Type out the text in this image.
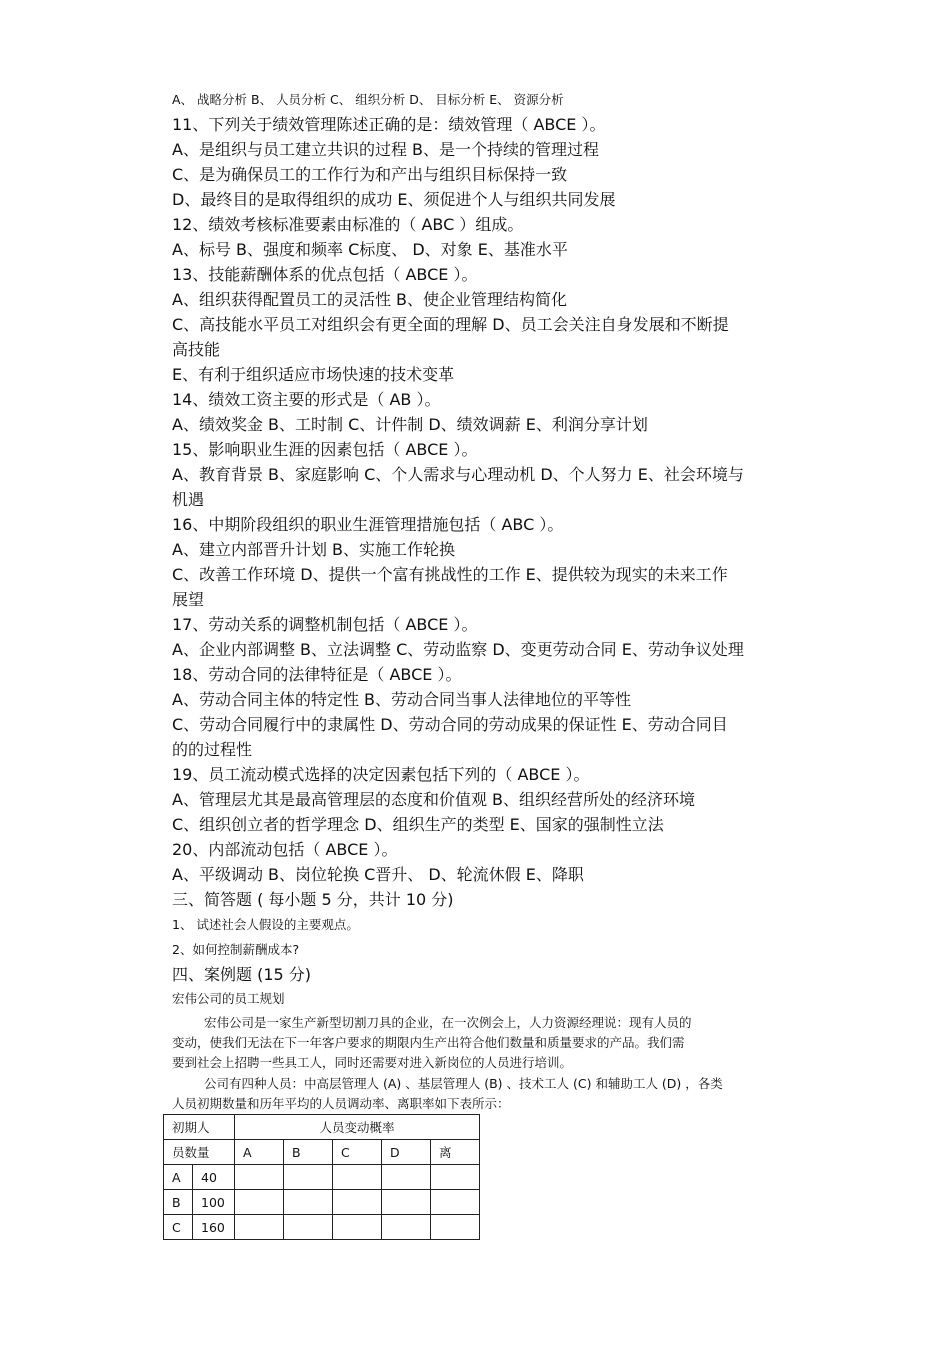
A、 战略分析 B、 人员分析 C、 组织分析 D、 目标分析 E、 资源分析
11、下列关于绩效管理陈述正确的是：绩效管理（ ABCE ）。
A、是组织与员工建立共识的过程 B、是一个持续的管理过程
C、是为确保员工的工作行为和产出与组织目标保持一致
D、最终目的是取得组织的成功 E、须促进个人与组织共同发展
12、绩效考核标准要素由标准的（ ABC ）组成。
A、标号 B、强度和频率 C标度、 D、对象 E、基准水平
13、技能薪酬体系的优点包括（ ABCE ）。
A、组织获得配置员工的灵活性 B、使企业管理结构简化
C、高技能水平员工对组织会有更全面的理解 D、员工会关注自身发展和不断提
高技能
E、有利于组织适应市场快速的技术变革
14、绩效工资主要的形式是（ AB ）。
A、绩效奖金 B、工时制 C、计件制 D、绩效调薪 E、利润分享计划
15、影响职业生涯的因素包括（ ABCE ）。
A、教育背景 B、家庭影响 C、个人需求与心理动机 D、个人努力 E、社会环境与
机遇
16、中期阶段组织的职业生涯管理措施包括（ ABC ）。
A、建立内部晋升计划 B、实施工作轮换
C、改善工作环境 D、提供一个富有挑战性的工作 E、提供较为现实的未来工作
展望
17、劳动关系的调整机制包括（ ABCE ）。
A、企业内部调整 B、立法调整 C、劳动监察 D、变更劳动合同 E、劳动争议处理
18、劳动合同的法律特征是（ ABCE ）。
A、劳动合同主体的特定性 B、劳动合同当事人法律地位的平等性
C、劳动合同履行中的隶属性 D、劳动合同的劳动成果的保证性 E、劳动合同目
的的过程性
19、员工流动模式选择的决定因素包括下列的（ ABCE ）。
A、管理层尤其是最高管理层的态度和价值观 B、组织经营所处的经济环境
C、组织创立者的哲学理念 D、组织生产的类型 E、国家的强制性立法
20、内部流动包括（ ABCE ）。
A、平级调动 B、岗位轮换 C晋升、 D、轮流休假 E、降职
三、简答题 ( 每小题 5 分，共计 10 分)
1、 试述社会人假设的主要观点。
2、如何控制薪酬成本?
四、案例题 (15 分)
宏伟公司的员工规划
宏伟公司是一家生产新型切割刀具的企业，在一次例会上，人力资源经理说：现有人员的
变动，使我们无法在下一年客户要求的期限内生产出符合他们数量和质量要求的产品。我们需
要到社会上招聘一些具工人，同时还需要对进入新岗位的人员进行培训。
公司有四种人员：中高层管理人 (A) 、基层管理人 (B) 、技术工人 (C) 和辅助工人 (D) ，各类
人员初期数量和历年平均的人员调动率、离职率如下表所示：
初期人		人员变动概率				
员数量		A	B	C	D	离
A	40					
B	100					
C	160					
